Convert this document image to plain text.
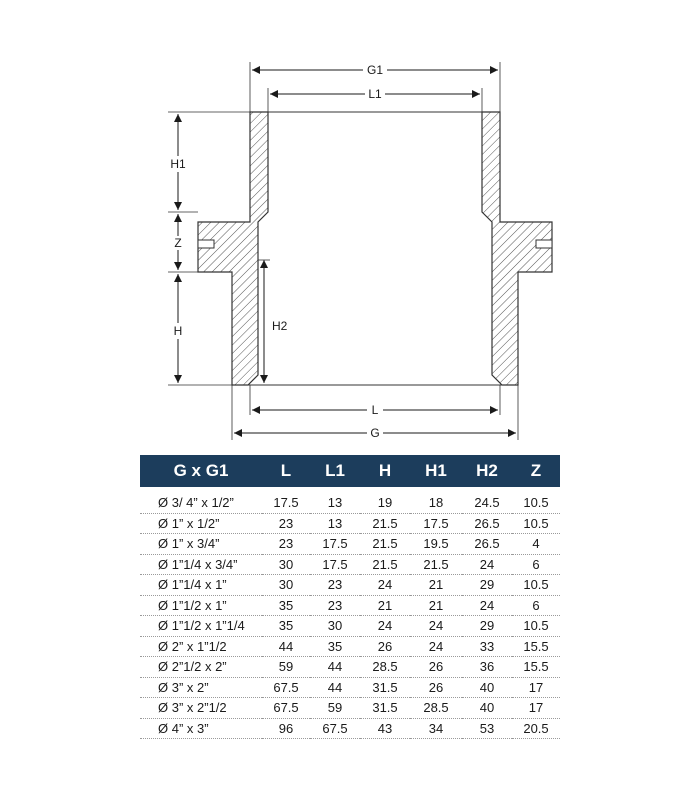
G1
L1
H1
Z
H	H2
L
G
G x G1	L	L1	H	H1	H2	Z

Ø 3/ 4” x 1/2”	17.5	13	19	18	24.5	10.5
Ø 1” x 1/2”	23	13	21.5	17.5	26.5	10.5
Ø 1” x 3/4”	23	17.5	21.5	19.5	26.5	4
Ø 1”1/4 x 3/4”	30	17.5	21.5	21.5	24	6
Ø 1”1/4 x 1”	30	23	24	21	29	10.5
Ø 1”1/2 x 1”	35	23	21	21	24	6
Ø 1”1/2 x 1”1/4	35	30	24	24	29	10.5
Ø 2” x 1”1/2	44	35	26	24	33	15.5
Ø 2”1/2 x 2”	59	44	28.5	26	36	15.5
Ø 3” x 2”	67.5	44	31.5	26	40	17
Ø 3” x 2”1/2	67.5	59	31.5	28.5	40	17
Ø 4” x 3”	96	67.5	43	34	53	20.5
